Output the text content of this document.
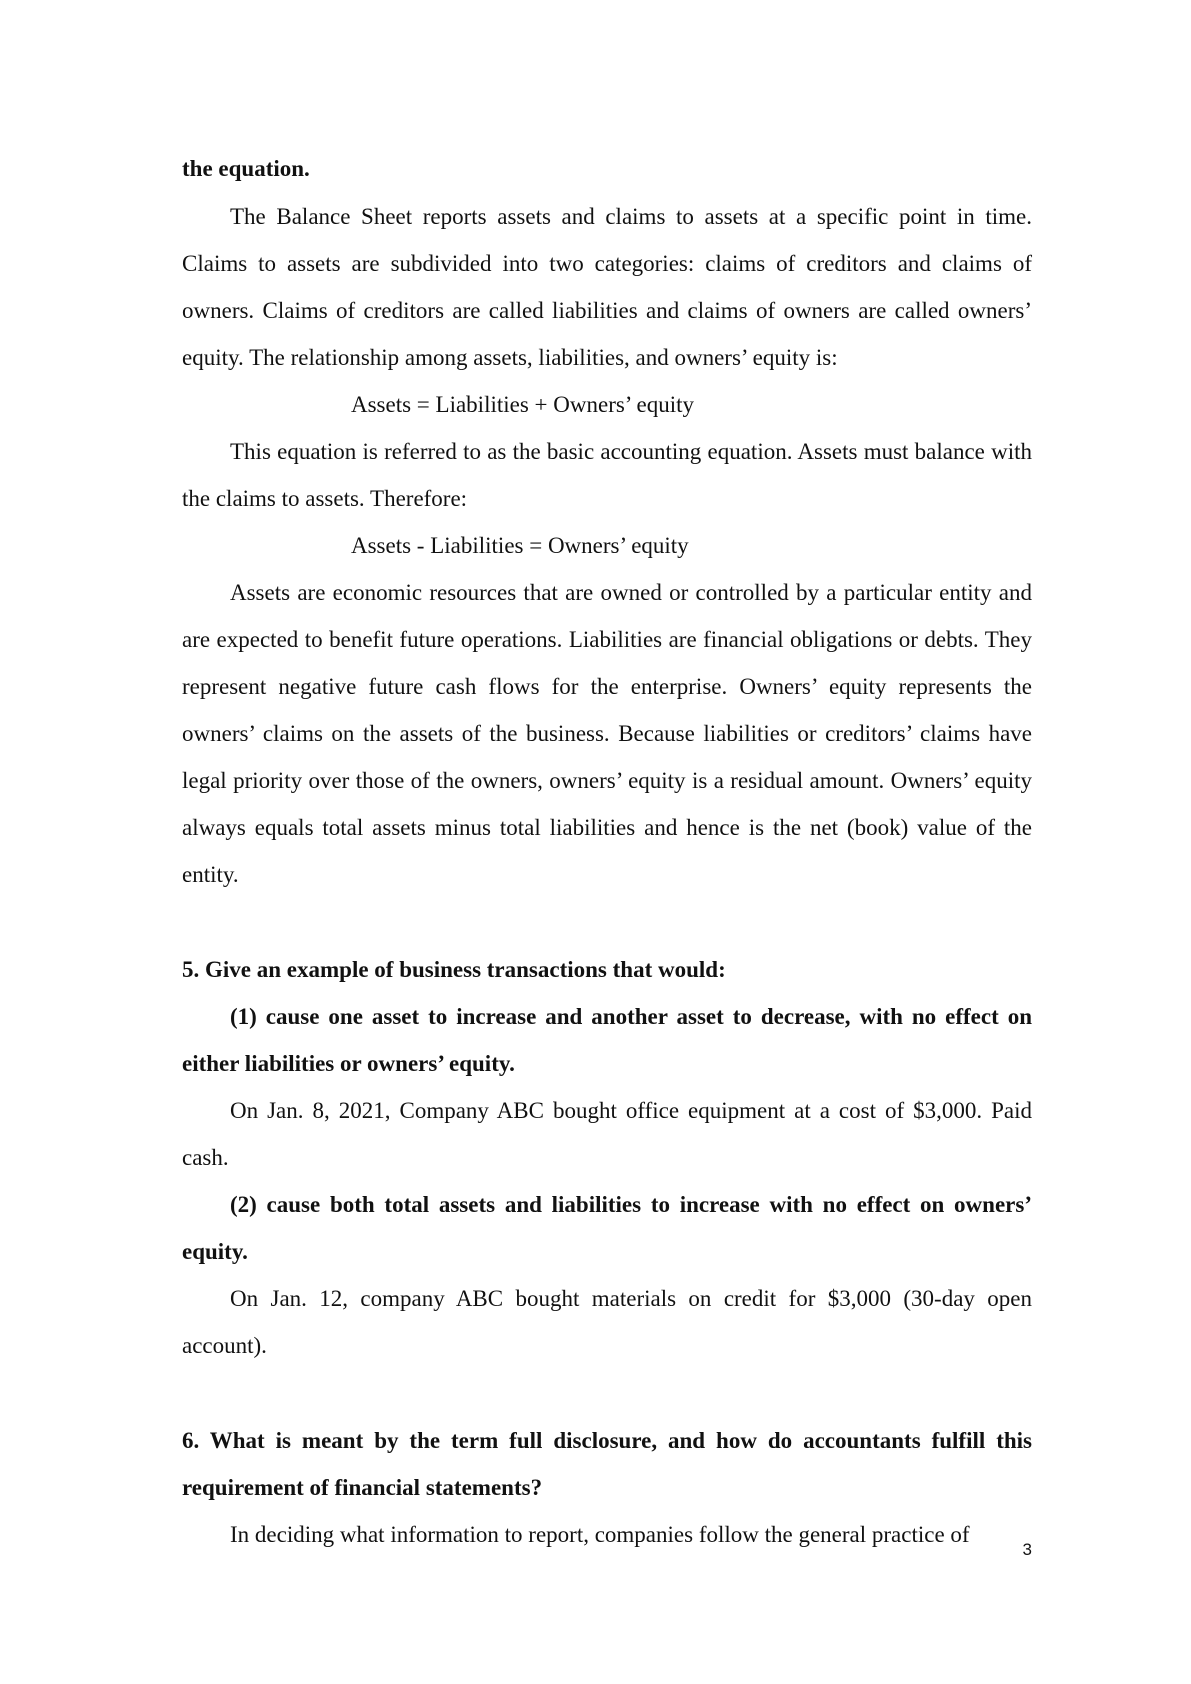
the equation.

The Balance Sheet reports assets and claims to assets at a specific point in time. Claims to assets are subdivided into two categories: claims of creditors and claims of owners. Claims of creditors are called liabilities and claims of owners are called owners’ equity. The relationship among assets, liabilities, and owners’ equity is:

Assets = Liabilities + Owners’ equity

This equation is referred to as the basic accounting equation. Assets must balance with the claims to assets. Therefore:

Assets - Liabilities = Owners’ equity

Assets are economic resources that are owned or controlled by a particular entity and are expected to benefit future operations. Liabilities are financial obligations or debts. They represent negative future cash flows for the enterprise. Owners’ equity represents the owners’ claims on the assets of the business. Because liabilities or creditors’ claims have legal priority over those of the owners, owners’ equity is a residual amount. Owners’ equity always equals total assets minus total liabilities and hence is the net (book) value of the entity.

5. Give an example of business transactions that would:

(1) cause one asset to increase and another asset to decrease, with no effect on either liabilities or owners’ equity.

On Jan. 8, 2021, Company ABC bought office equipment at a cost of $3,000. Paid cash.

(2) cause both total assets and liabilities to increase with no effect on owners’ equity.

On Jan. 12, company ABC bought materials on credit for $3,000 (30-day open account).

6. What is meant by the term full disclosure, and how do accountants fulfill this requirement of financial statements?

In deciding what information to report, companies follow the general practice of

3
